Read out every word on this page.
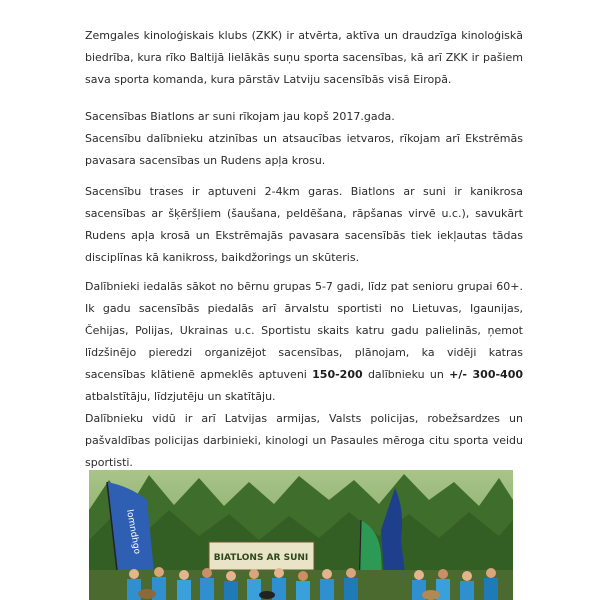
Zemgales kinoloģiskais klubs (ZKK) ir atvērta, aktīva un draudzīga kinoloģiskā
biedrība, kura rīko Baltijā lielākās suņu sporta sacensības, kā arī ZKK ir pašiem
sava sporta komanda, kura pārstāv Latviju sacensībās visā Eiropā.

Sacensības Biatlons ar suni rīkojam jau kopš 2017.gada.
Sacensību dalībnieku atzinības un atsaucības ietvaros, rīkojam arī Ekstrēmās
pavasara sacensības un Rudens apļa krosu.

Sacensību trases ir aptuveni 2-4km garas. Biatlons ar suni ir kanikrosa
sacensības ar šķēršļiem (šaušana, peldēšana, rāpšanas virvē u.c.), savukārt
Rudens apļa krosā un Ekstrēmajās pavasara sacensībās tiek iekļautas tādas
disciplīnas kā kanikross, baikdžorings un skūteris.

Dalībnieki iedalās sākot no bērnu grupas 5-7 gadi, līdz pat senioru grupai 60+.
Ik gadu sacensībās piedalās arī ārvalstu sportisti no Lietuvas, Igaunijas,
Čehijas, Polijas, Ukrainas u.c. Sportistu skaits katru gadu palielinās, ņemot
līdzšinējo pieredzi organizējot sacensības, plānojam, ka vidēji katras
sacensības klātienē apmeklēs aptuveni 150-200 dalībnieku un +/- 300-400
atbalstītāju, līdzjutēju un skatītāju.
Dalībnieku vidū ir arī Latvijas armijas, Valsts policijas, robežsardzes un
pašvaldības policijas darbinieki, kinologi un Pasaules mēroga citu sporta veidu
sportisti.

lomndhgo
BIATLONS AR SUNI
